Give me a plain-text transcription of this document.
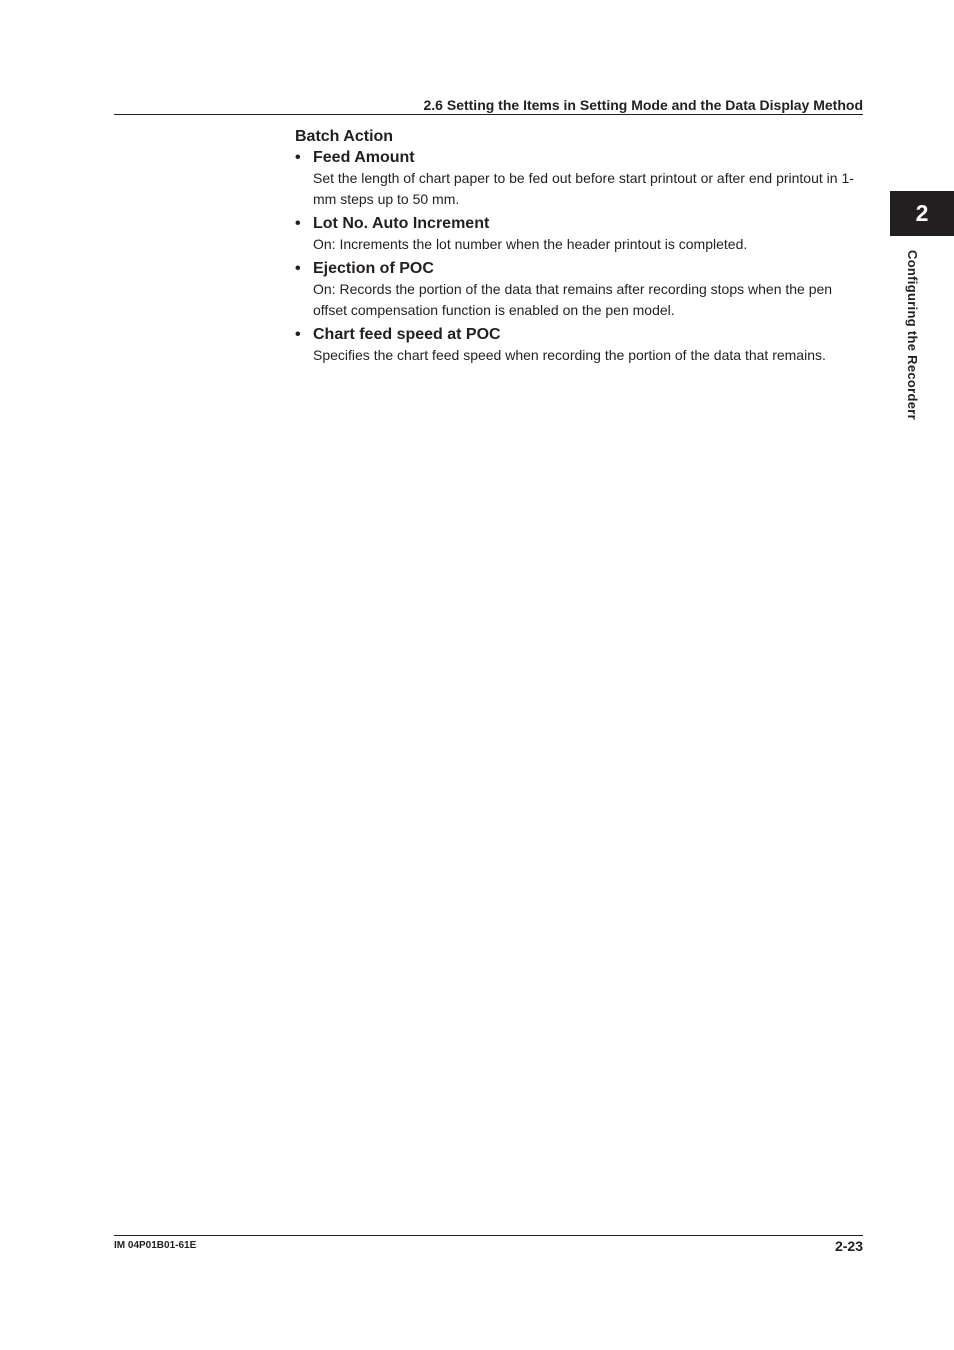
2.6 Setting the Items in Setting Mode and the Data Display Method
2
Configuring the Recorderr
Batch Action
• Feed Amount
Set the length of chart paper to be fed out before start printout or after end printout in 1-mm steps up to 50 mm.
• Lot No. Auto Increment
On: Increments the lot number when the header printout is completed.
• Ejection of POC
On: Records the portion of the data that remains after recording stops when the pen offset compensation function is enabled on the pen model.
• Chart feed speed at POC
Specifies the chart feed speed when recording the portion of the data that remains.
IM 04P01B01-61E	2-23
